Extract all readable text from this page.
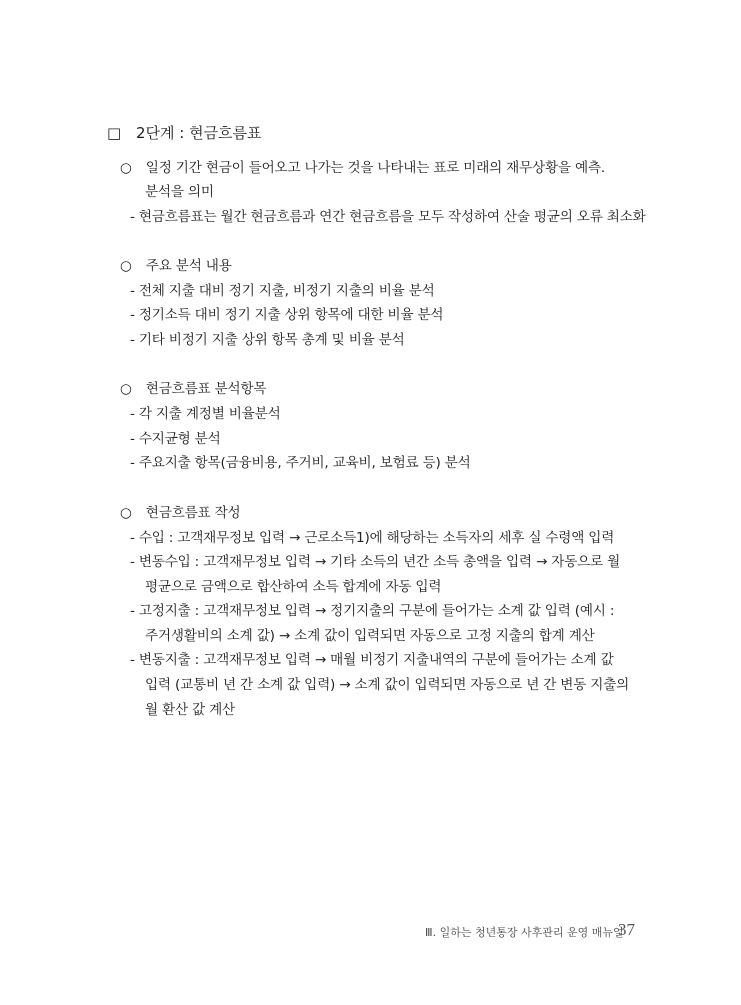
□ 2단계 : 현금흐름표
○ 일정 기간 현금이 들어오고 나가는 것을 나타내는 표로 미래의 재무상황을 예측.
분석을 의미
- 현금흐름표는 월간 현금흐름과 연간 현금흐름을 모두 작성하여 산술 평균의 오류 최소화
○ 주요 분석 내용
- 전체 지출 대비 정기 지출, 비정기 지출의 비율 분석
- 정기소득 대비 정기 지출 상위 항목에 대한 비율 분석
- 기타 비정기 지출 상위 항목 총계 및 비율 분석
○ 현금흐름표 분석항목
- 각 지출 계정별 비율분석
- 수지균형 분석
- 주요지출 항목(금융비용, 주거비, 교육비, 보험료 등) 분석
○ 현금흐름표 작성
- 수입 : 고객재무정보 입력 → 근로소득1)에 해당하는 소득자의 세후 실 수령액 입력
- 변동수입 : 고객재무정보 입력 → 기타 소득의 년간 소득 총액을 입력 → 자동으로 월
평균으로 금액으로 합산하여 소득 합계에 자동 입력
- 고정지출 : 고객재무정보 입력 → 정기지출의 구분에 들어가는 소계 값 입력 (예시 :
주거생활비의 소계 값) → 소계 값이 입력되면 자동으로 고정 지출의 합계 계산
- 변동지출 : 고객재무정보 입력 → 매월 비정기 지출내역의 구분에 들어가는 소계 값
입력 (교통비 년 간 소계 값 입력) → 소계 값이 입력되면 자동으로 년 간 변동 지출의
월 환산 값 계산
Ⅲ. 일하는 청년통장 사후관리 운영 매뉴얼
37
